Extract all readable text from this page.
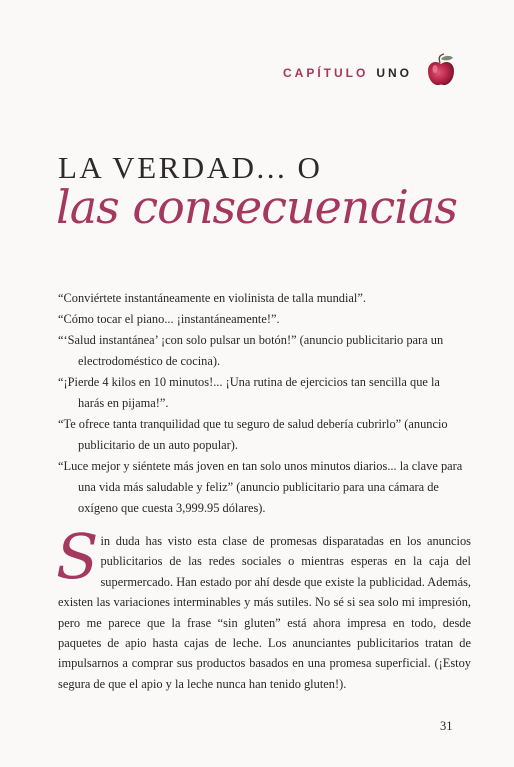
CAPÍTULO UNO
LA VERDAD... O
las consecuencias
“Conviértete instantáneamente en violinista de talla mundial”.
“Cómo tocar el piano... ¡instantáneamente!”.
“‘Salud instantánea’ ¡con solo pulsar un botón!” (anuncio publicitario para un electrodoméstico de cocina).
“¡Pierde 4 kilos en 10 minutos!... ¡Una rutina de ejercicios tan sencilla que la harás en pijama!”.
“Te ofrece tanta tranquilidad que tu seguro de salud debería cubrirlo” (anuncio publicitario de un auto popular).
“Luce mejor y siéntete más joven en tan solo unos minutos diarios... la clave para una vida más saludable y feliz” (anuncio publicitario para una cámara de oxígeno que cuesta 3,999.95 dólares).

Sin duda has visto esta clase de promesas disparatadas en los anuncios publicitarios de las redes sociales o mientras esperas en la caja del supermercado. Han estado por ahí desde que existe la publicidad. Además, existen las variaciones interminables y más sutiles. No sé si sea solo mi impresión, pero me parece que la frase “sin gluten” está ahora impresa en todo, desde paquetes de apio hasta cajas de leche. Los anunciantes publicitarios tratan de impulsarnos a comprar sus productos basados en una promesa superficial. (¡Estoy segura de que el apio y la leche nunca han tenido gluten!).

31
